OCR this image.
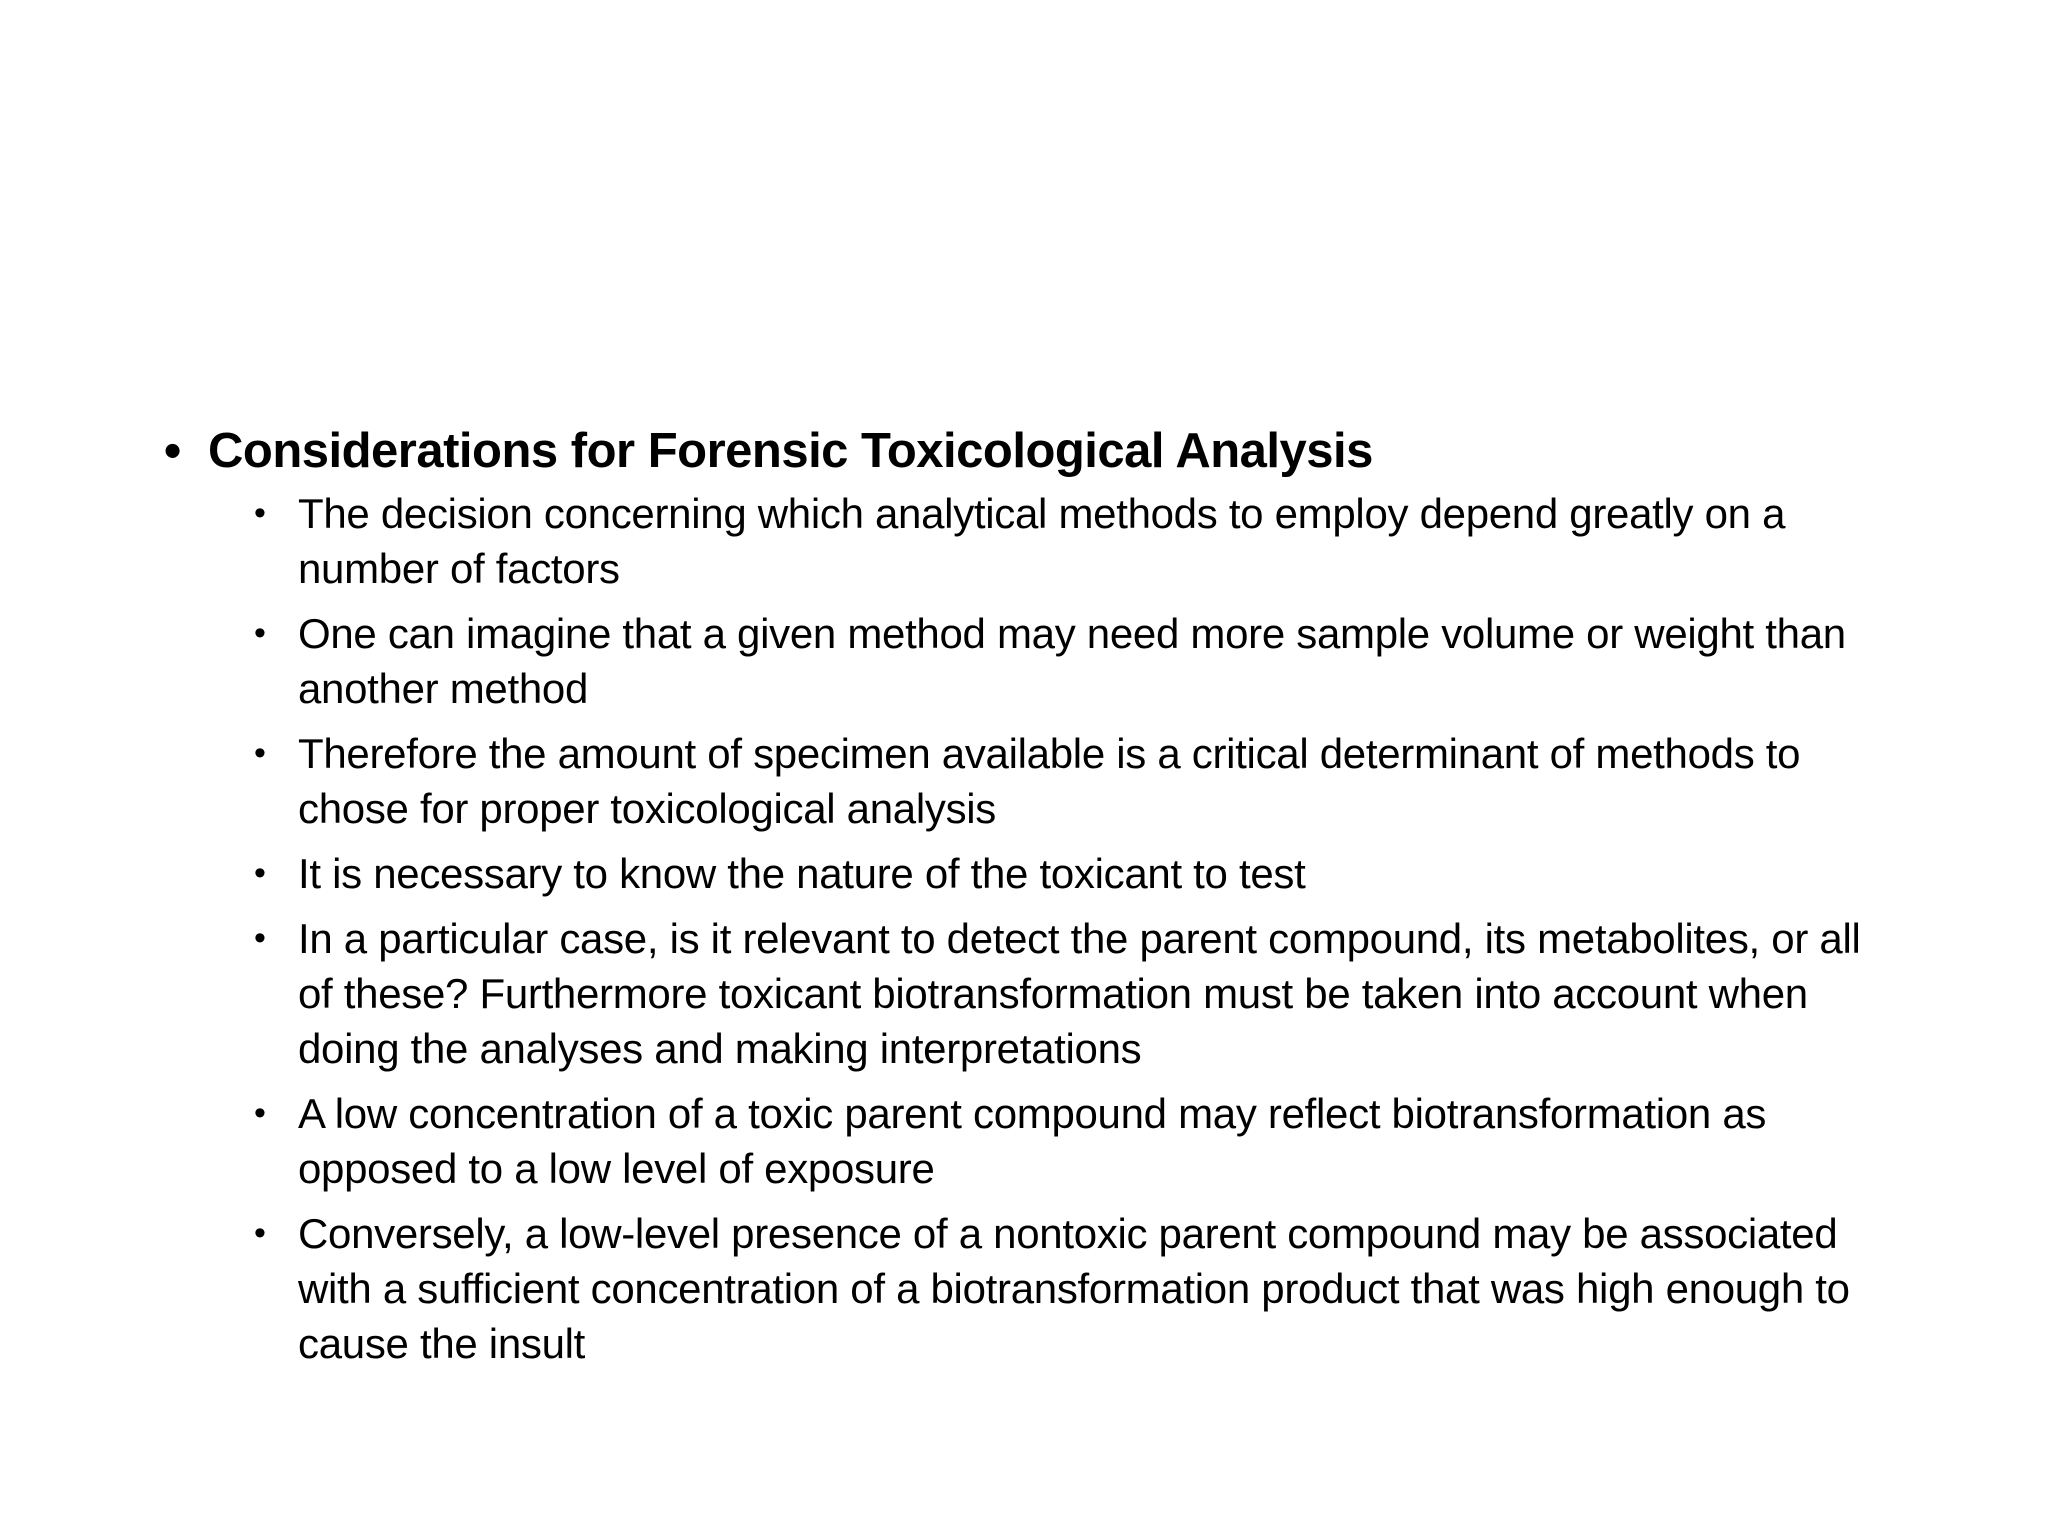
• Considerations for Forensic Toxicological Analysis
• The decision concerning which analytical methods to employ depend greatly on a number of factors
• One can imagine that a given method may need more sample volume or weight than another method
• Therefore the amount of specimen available is a critical determinant of methods to chose for proper toxicological analysis
• It is necessary to know the nature of the toxicant to test
• In a particular case, is it relevant to detect the parent compound, its metabolites, or all of these? Furthermore toxicant biotransformation must be taken into account when doing the analyses and making interpretations
• A low concentration of a toxic parent compound may reflect biotransformation as opposed to a low level of exposure
• Conversely, a low-level presence of a nontoxic parent compound may be associated with a sufficient concentration of a biotransformation product that was high enough to cause the insult
